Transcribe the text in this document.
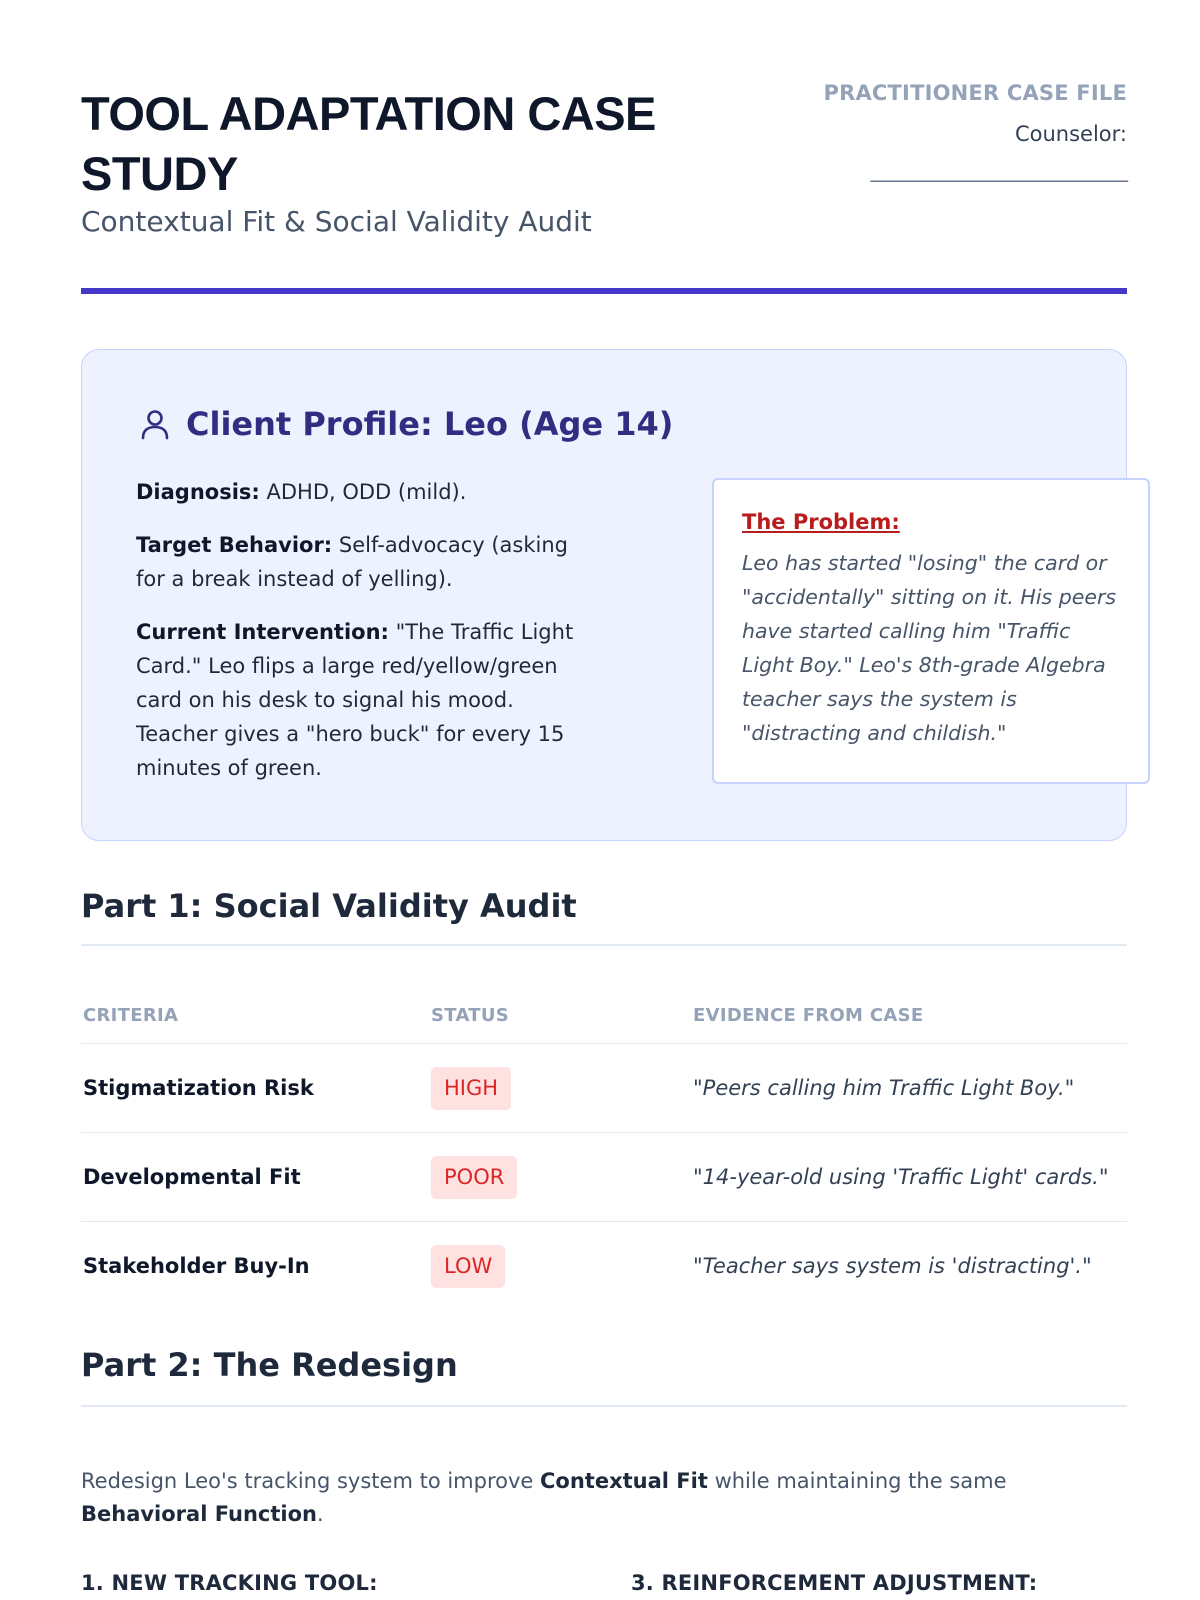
TOOL ADAPTATION CASE STUDY
Contextual Fit & Social Validity Audit
PRACTITIONER CASE FILE
Counselor:
___________________________
Client Profile: Leo (Age 14)

Diagnosis: ADHD, ODD (mild).

Target Behavior: Self-advocacy (asking for a break instead of yelling).

Current Intervention: "The Traffic Light Card." Leo flips a large red/yellow/green card on his desk to signal his mood. Teacher gives a "hero buck" for every 15 minutes of green.

The Problem:
Leo has started "losing" the card or "accidentally" sitting on it. His peers have started calling him "Traffic Light Boy." Leo's 8th-grade Algebra teacher says the system is "distracting and childish."
Part 1: Social Validity Audit
CRITERIA	STATUS	EVIDENCE FROM CASE
Stigmatization Risk	HIGH	"Peers calling him Traffic Light Boy."
Developmental Fit	POOR	"14-year-old using 'Traffic Light' cards."
Stakeholder Buy-In	LOW	"Teacher says system is 'distracting'."
Part 2: The Redesign

Redesign Leo's tracking system to improve Contextual Fit while maintaining the same Behavioral Function.

1. NEW TRACKING TOOL:	3. REINFORCEMENT ADJUSTMENT:
